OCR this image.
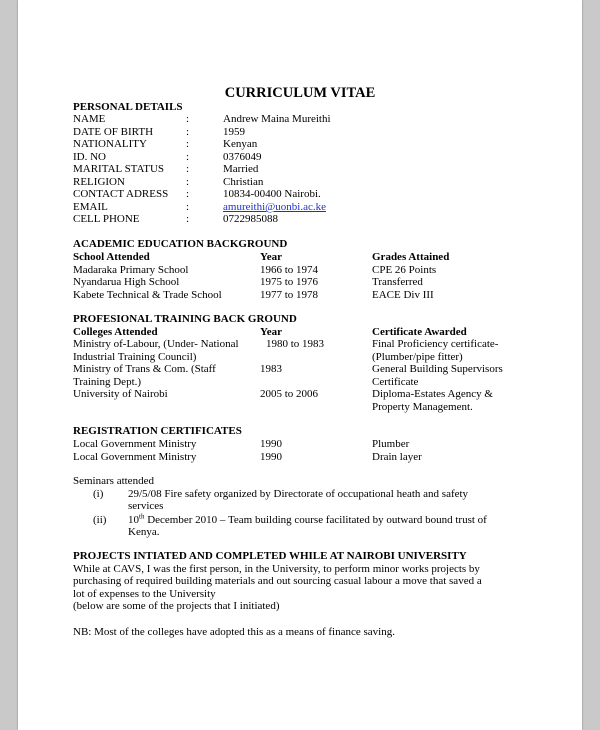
CURRICULUM VITAE
PERSONAL DETAILS
NAME	:	Andrew Maina Mureithi
DATE OF BIRTH	:	1959
NATIONALITY	:	Kenyan
ID. NO	:	0376049
MARITAL STATUS :	Married
RELIGION	:	Christian
CONTACT ADRESS :	10834-00400 Nairobi.
EMAIL	:	amureithi@uonbi.ac.ke
CELL PHONE	:	0722985088
ACADEMIC EDUCATION BACKGROUND
School Attended	Year	Grades Attained
Madaraka Primary School	1966 to 1974	CPE 26 Points
Nyandarua High School	1975 to 1976	Transferred
Kabete Technical & Trade School	1977 to 1978	EACE Div III
PROFESIONAL TRAINING BACK GROUND
Colleges Attended	Year	Certificate Awarded
Ministry of-Labour, (Under- National 1980 to 1983	Final Proficiency certificate-
Industrial Training Council)	(Plumber/pipe fitter)
Ministry of Trans & Com. (Staff	1983	General Building Supervisors
Training Dept.)	Certificate
University of Nairobi	2005 to 2006	Diploma-Estates Agency &
Property Management.
REGISTRATION CERTIFICATES
Local Government Ministry	1990	Plumber
Local Government Ministry	1990	Drain layer
Seminars attended
(i) 29/5/08 Fire safety organized by Directorate of occupational heath and safety
services
(ii) 10th December 2010 – Team building course facilitated by outward bound trust of
Kenya.
PROJECTS INTIATED AND COMPLETED WHILE AT NAIROBI UNIVERSITY
While at CAVS, I was the first person, in the University, to perform minor works projects by
purchasing of required building materials and out sourcing casual labour a move that saved a
lot of expenses to the University
(below are some of the projects that I initiated)
NB: Most of the colleges have adopted this as a means of finance saving.
